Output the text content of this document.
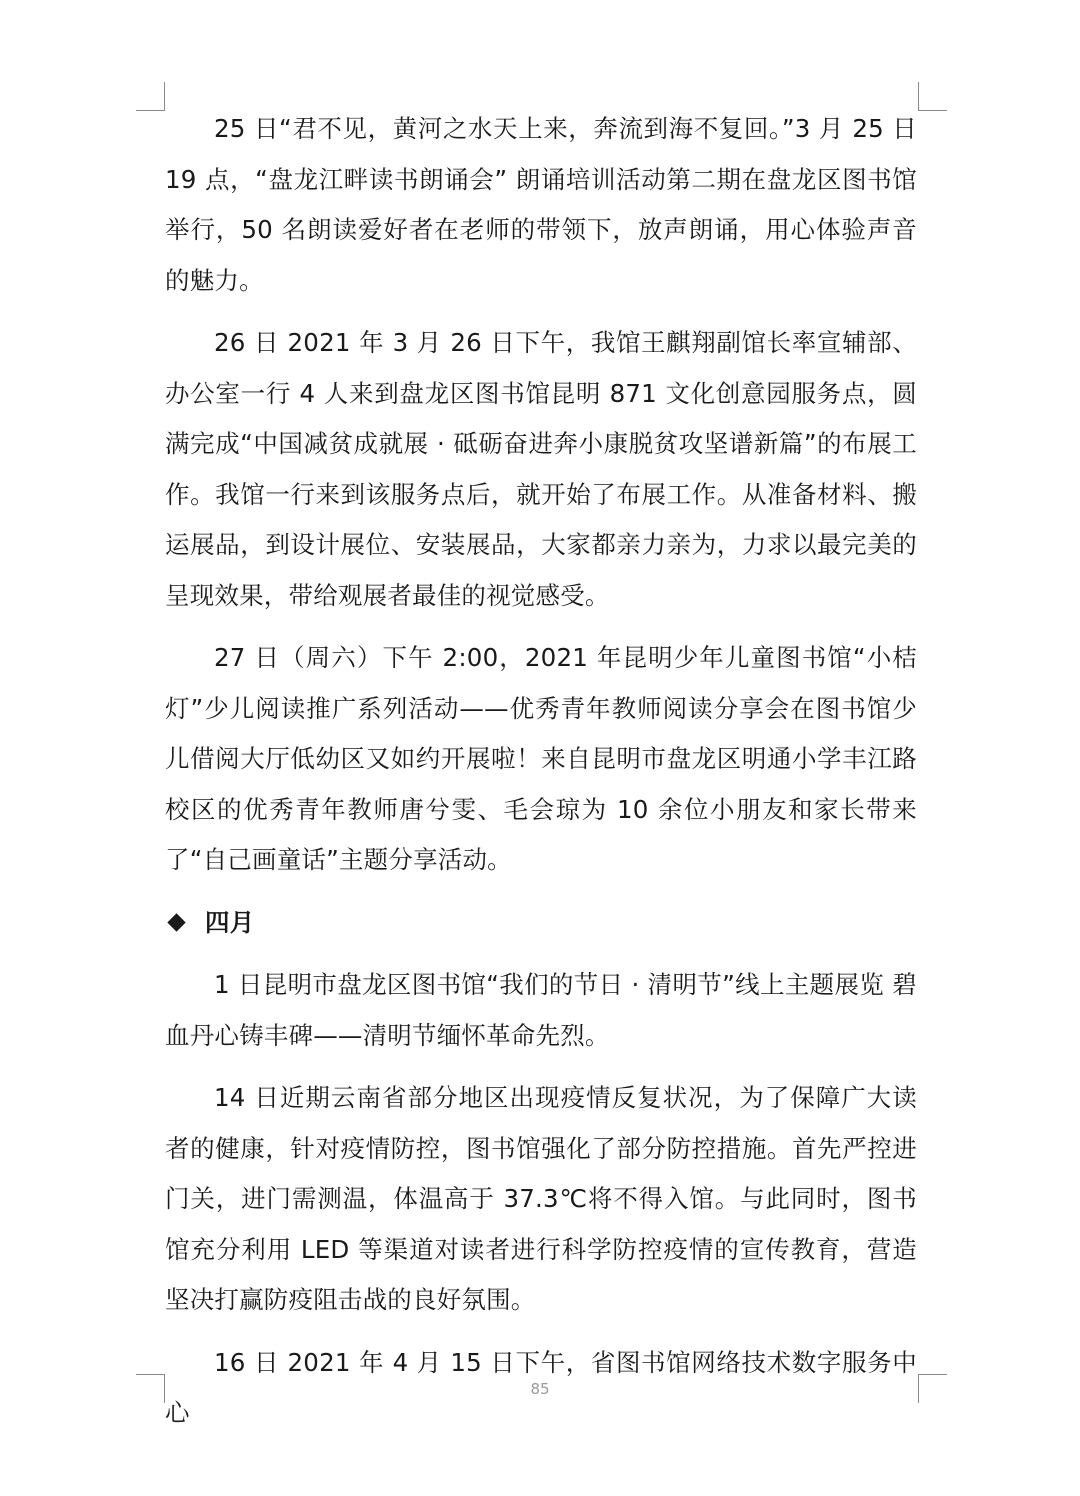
25 日“君不见，黄河之水天上来，奔流到海不复回。”3 月 25 日 19 点，“盘龙江畔读书朗诵会” 朗诵培训活动第二期在盘龙区图书馆举行，50 名朗读爱好者在老师的带领下，放声朗诵，用心体验声音的魅力。

26 日 2021 年 3 月 26 日下午，我馆王麒翔副馆长率宣辅部、办公室一行 4 人来到盘龙区图书馆昆明 871 文化创意园服务点，圆满完成“中国减贫成就展 · 砥砺奋进奔小康脱贫攻坚谱新篇”的布展工作。我馆一行来到该服务点后，就开始了布展工作。从准备材料、搬运展品，到设计展位、安装展品，大家都亲力亲为，力求以最完美的呈现效果，带给观展者最佳的视觉感受。

27 日（周六）下午 2:00，2021 年昆明少年儿童图书馆“小桔灯”少儿阅读推广系列活动——优秀青年教师阅读分享会在图书馆少儿借阅大厅低幼区又如约开展啦！来自昆明市盘龙区明通小学丰江路校区的优秀青年教师唐兮雯、毛会琼为 10 余位小朋友和家长带来了“自己画童话”主题分享活动。

四月

1 日昆明市盘龙区图书馆“我们的节日 · 清明节”线上主题展览 碧血丹心铸丰碑——清明节缅怀革命先烈。

14 日近期云南省部分地区出现疫情反复状况，为了保障广大读者的健康，针对疫情防控，图书馆强化了部分防控措施。首先严控进门关，进门需测温，体温高于 37.3℃将不得入馆。与此同时，图书馆充分利用 LED 等渠道对读者进行科学防控疫情的宣传教育，营造坚决打赢防疫阻击战的良好氛围。

16 日 2021 年 4 月 15 日下午，省图书馆网络技术数字服务中心

85
